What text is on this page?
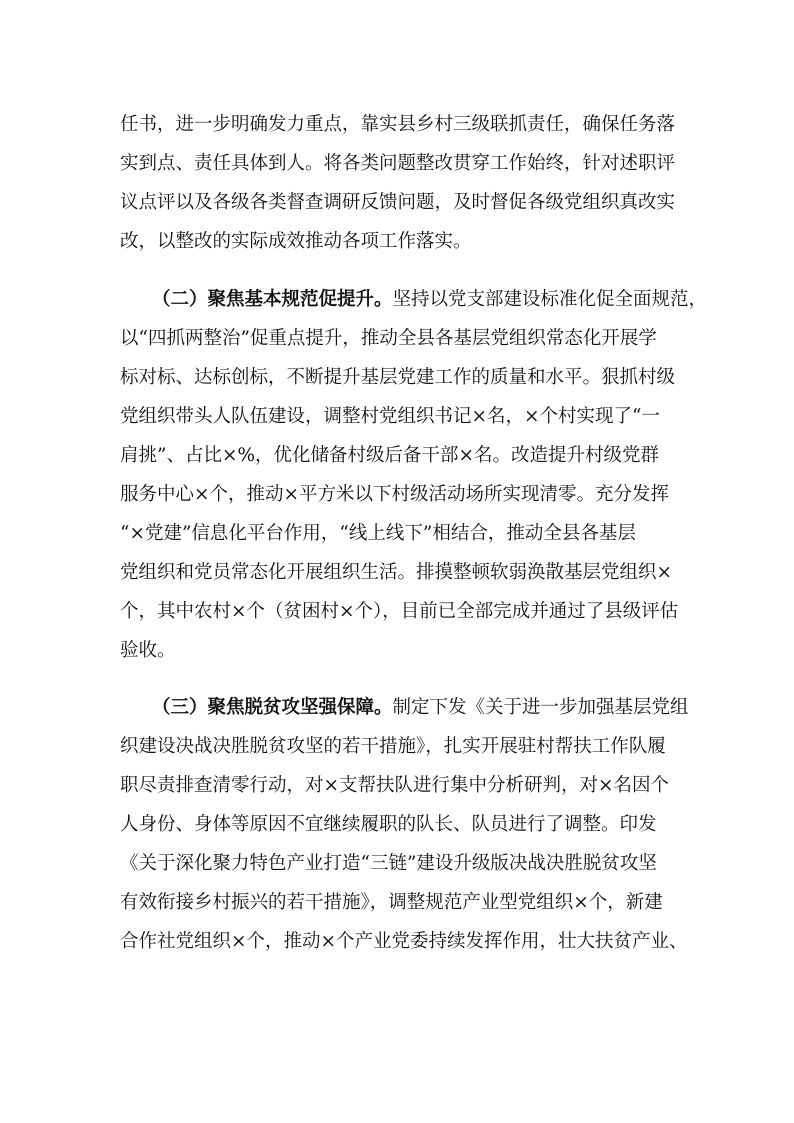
任书，进一步明确发力重点，靠实县乡村三级联抓责任，确保任务落
实到点、责任具体到人。将各类问题整改贯穿工作始终，针对述职评
议点评以及各级各类督查调研反馈问题，及时督促各级党组织真改实
改，以整改的实际成效推动各项工作落实。
（二）聚焦基本规范促提升。坚持以党支部建设标准化促全面规范，
以“四抓两整治”促重点提升，推动全县各基层党组织常态化开展学
标对标、达标创标，不断提升基层党建工作的质量和水平。狠抓村级
党组织带头人队伍建设，调整村党组织书记×名，×个村实现了“一
肩挑”、占比×%，优化储备村级后备干部×名。改造提升村级党群
服务中心×个，推动×平方米以下村级活动场所实现清零。充分发挥
“×党建”信息化平台作用，“线上线下”相结合，推动全县各基层
党组织和党员常态化开展组织生活。排摸整顿软弱涣散基层党组织×
个，其中农村×个（贫困村×个），目前已全部完成并通过了县级评估
验收。
（三）聚焦脱贫攻坚强保障。制定下发《关于进一步加强基层党组
织建设决战决胜脱贫攻坚的若干措施》，扎实开展驻村帮扶工作队履
职尽责排查清零行动，对×支帮扶队进行集中分析研判，对×名因个
人身份、身体等原因不宜继续履职的队长、队员进行了调整。印发
《关于深化聚力特色产业打造“三链”建设升级版决战决胜脱贫攻坚
有效衔接乡村振兴的若干措施》，调整规范产业型党组织×个，新建
合作社党组织×个，推动×个产业党委持续发挥作用，壮大扶贫产业、
